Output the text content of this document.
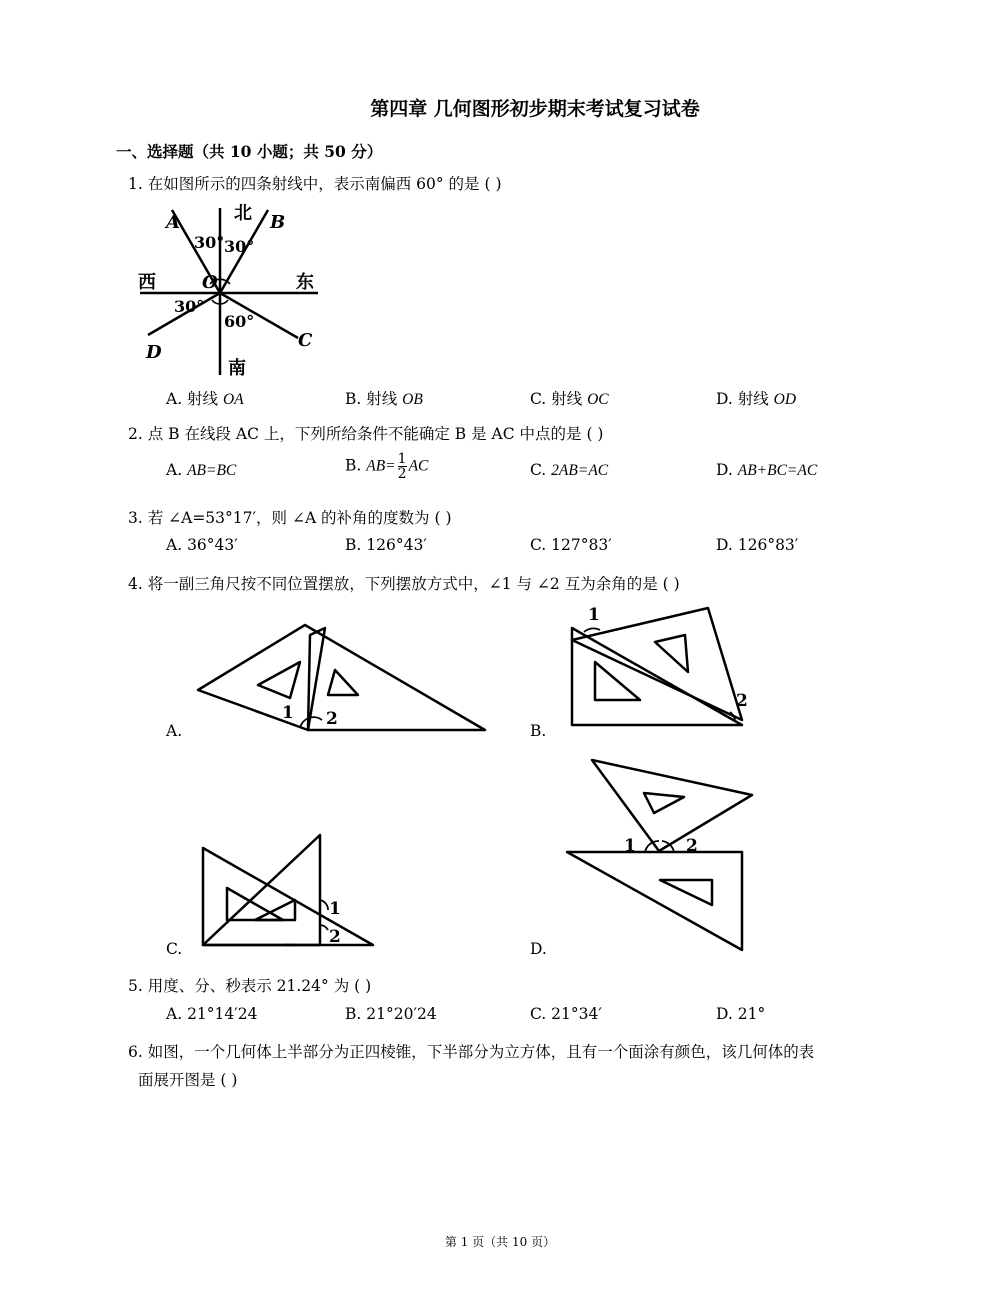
第四章 几何图形初步期末考试复习试卷
一、选择题（共 10 小题；共 50 分）
1. 在如图所示的四条射线中，表示南偏西 60° 的是 ( )
北
南
西	东
A	B
C
D
O
30° 30°
30°
60°
A. 射线 OA	B. 射线 OB	C. 射线 OC	D. 射线 OD
2. 点 B 在线段 AC 上，下列所给条件不能确定 B 是 AC 中点的是 ( )
A. AB=BC	B. $AB= \frac{1}{2}$ AC	C. 2AB=AC	D. AB+BC=AC
3. 若 ∠A=53°17′，则 ∠A 的补角的度数为 ( )
A. 36°43′	B. 126°43′	C. 127°83′	D. 126°83′
4. 将一副三角尺按不同位置摆放，下列摆放方式中，∠1 与 ∠2 互为余角的是 ( )
1 2
A.
1
2
B.
1
2
C.
1	2
D.
5. 用度、分、秒表示 21.24° 为 ( )
A. 21°14′24	B. 21°20′24	C. 21°34′	D. 21°
6. 如图，一个几何体上半部分为正四棱锥，下半部分为立方体，且有一个面涂有颜色，该几何体的表
面展开图是 ( )
第 1 页（共 10 页）
